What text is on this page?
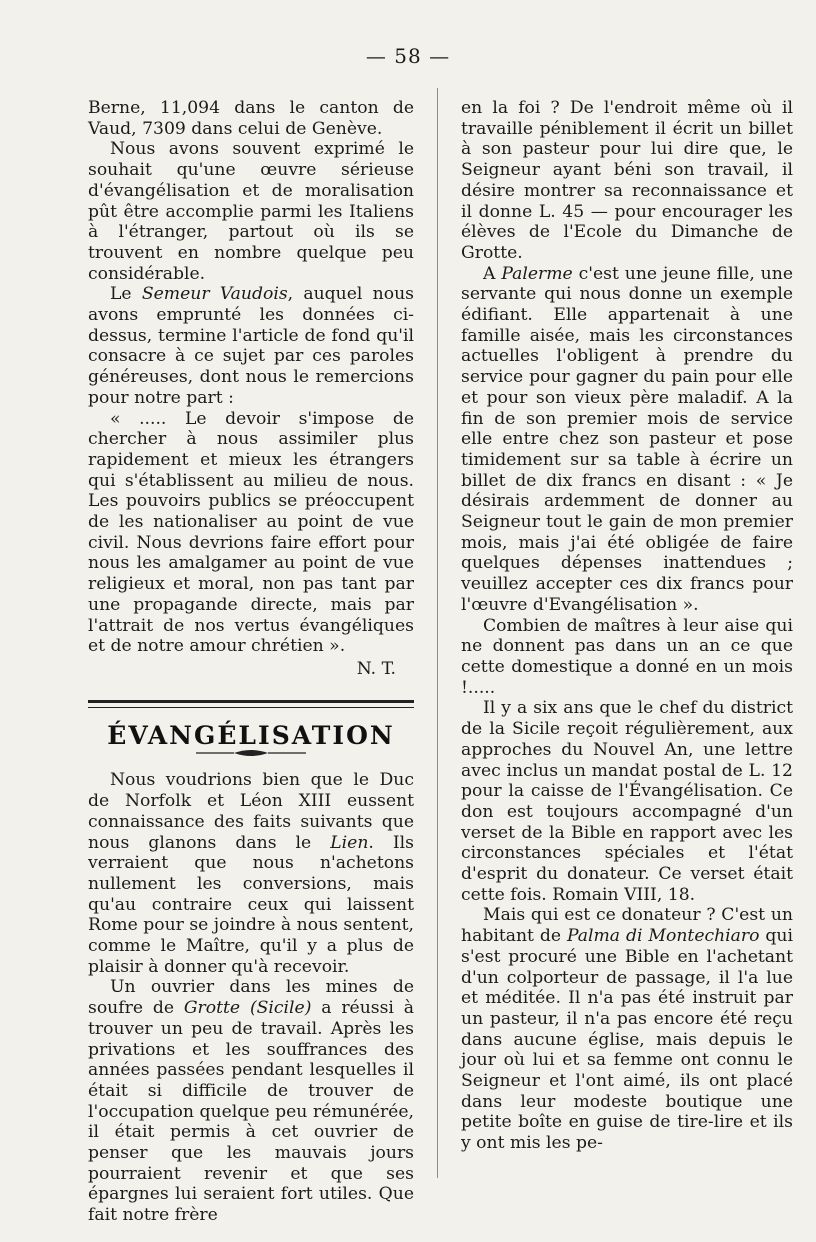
— 58 —

Berne, 11,094 dans le canton de Vaud, 7309 dans celui de Genève.

Nous avons souvent exprimé le souhait qu'une œuvre sérieuse d'évangélisation et de moralisation pût être accomplie parmi les Italiens à l'étranger, partout où ils se trouvent en nombre quelque peu considérable.

Le Semeur Vaudois, auquel nous avons emprunté les données ci-dessus, termine l'article de fond qu'il consacre à ce sujet par ces paroles généreuses, dont nous le remercions pour notre part :

« ..... Le devoir s'impose de chercher à nous assimiler plus rapidement et mieux les étrangers qui s'établissent au milieu de nous. Les pouvoirs publics se préoccupent de les nationaliser au point de vue civil. Nous devrions faire effort pour nous les amalgamer au point de vue religieux et moral, non pas tant par une propagande directe, mais par l'attrait de nos vertus évangéliques et de notre amour chrétien ».

N. T.

ÉVANGÉLISATION

Nous voudrions bien que le Duc de Norfolk et Léon XIII eussent connaissance des faits suivants que nous glanons dans le Lien. Ils verraient que nous n'achetons nullement les conversions, mais qu'au contraire ceux qui laissent Rome pour se joindre à nous sentent, comme le Maître, qu'il y a plus de plaisir à donner qu'à recevoir.

Un ouvrier dans les mines de soufre de Grotte (Sicile) a réussi à trouver un peu de travail. Après les privations et les souffrances des années passées pendant lesquelles il était si difficile de trouver de l'occupation quelque peu rémunérée, il était permis à cet ouvrier de penser que les mauvais jours pourraient revenir et que ses épargnes lui seraient fort utiles. Que fait notre frère

en la foi ? De l'endroit même où il travaille péniblement il écrit un billet à son pasteur pour lui dire que, le Seigneur ayant béni son travail, il désire montrer sa reconnaissance et il donne L. 45 — pour encourager les élèves de l'Ecole du Dimanche de Grotte.

A Palerme c'est une jeune fille, une servante qui nous donne un exemple édifiant. Elle appartenait à une famille aisée, mais les circonstances actuelles l'obligent à prendre du service pour gagner du pain pour elle et pour son vieux père maladif. A la fin de son premier mois de service elle entre chez son pasteur et pose timidement sur sa table à écrire un billet de dix francs en disant : « Je désirais ardemment de donner au Seigneur tout le gain de mon premier mois, mais j'ai été obligée de faire quelques dépenses inattendues ; veuillez accepter ces dix francs pour l'œuvre d'Evangélisation ».

Combien de maîtres à leur aise qui ne donnent pas dans un an ce que cette domestique a donné en un mois !.....

Il y a six ans que le chef du district de la Sicile reçoit régulièrement, aux approches du Nouvel An, une lettre avec inclus un mandat postal de L. 12 pour la caisse de l'Évangélisation. Ce don est toujours accompagné d'un verset de la Bible en rapport avec les circonstances spéciales et l'état d'esprit du donateur. Ce verset était cette fois. Romain VIII, 18.

Mais qui est ce donateur ? C'est un habitant de Palma di Montechiaro qui s'est procuré une Bible en l'achetant d'un colporteur de passage, il l'a lue et méditée. Il n'a pas été instruit par un pasteur, il n'a pas encore été reçu dans aucune église, mais depuis le jour où lui et sa femme ont connu le Seigneur et l'ont aimé, ils ont placé dans leur modeste boutique une petite boîte en guise de tire-lire et ils y ont mis les pe-
